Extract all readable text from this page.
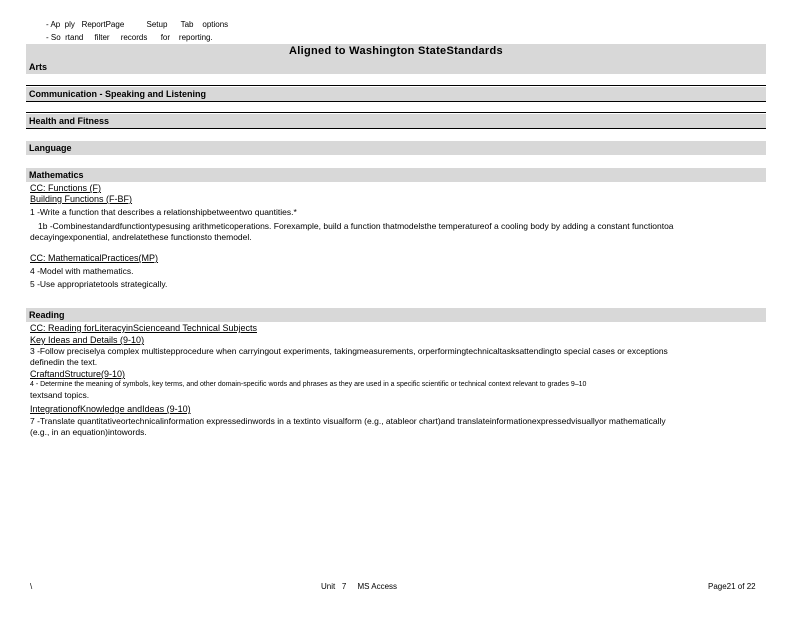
- Ap  ply   ReportPage          Setup      Tab    options
- So  rtand     filter     records      for    reporting.
Aligned to Washington StateStandards
Arts
Communication - Speaking and Listening
Health and Fitness
Language
Mathematics
CC: Functions (F)
Building Functions (F-BF)
1 -Write a function that describes a relationshipbetweentwo quantities.*
1b -Combinestandardfunctiontypesusing arithmeticoperations. Forexample, build a function thatmodelsthe temperatureof a cooling body by adding a constant functiontoa
decayingexponential, andrelatethese functionsto themodel.
CC: MathematicalPractices(MP)
4 -Model with mathematics.
5 -Use appropriatetools strategically.
Reading
CC: Reading forLiteracyinScienceand Technical Subjects
Key Ideas and Details (9-10)
3 -Follow preciselya complex multistepprocedure when carryingout experiments, takingmeasurements, orperformingtechnicaltasksattendingto special cases or exceptions
definedin the text.
CraftandStructure(9-10)
4 - Determine the meaning of symbols, key terms, and other domain-specific words and phrases as they are used in a specific scientific or technical context relevant to grades 9–10
textsand topics.
IntegrationofKnowledge andIdeas (9-10)
7 -Translate quantitativeortechnicalinformation expressedinwords in a textinto visualform (e.g., atableor chart)and translateinformationexpressedvisuallyor mathematically
(e.g., in an equation)intowords.
\	Unit   7     MS Access	Page21 of 22
